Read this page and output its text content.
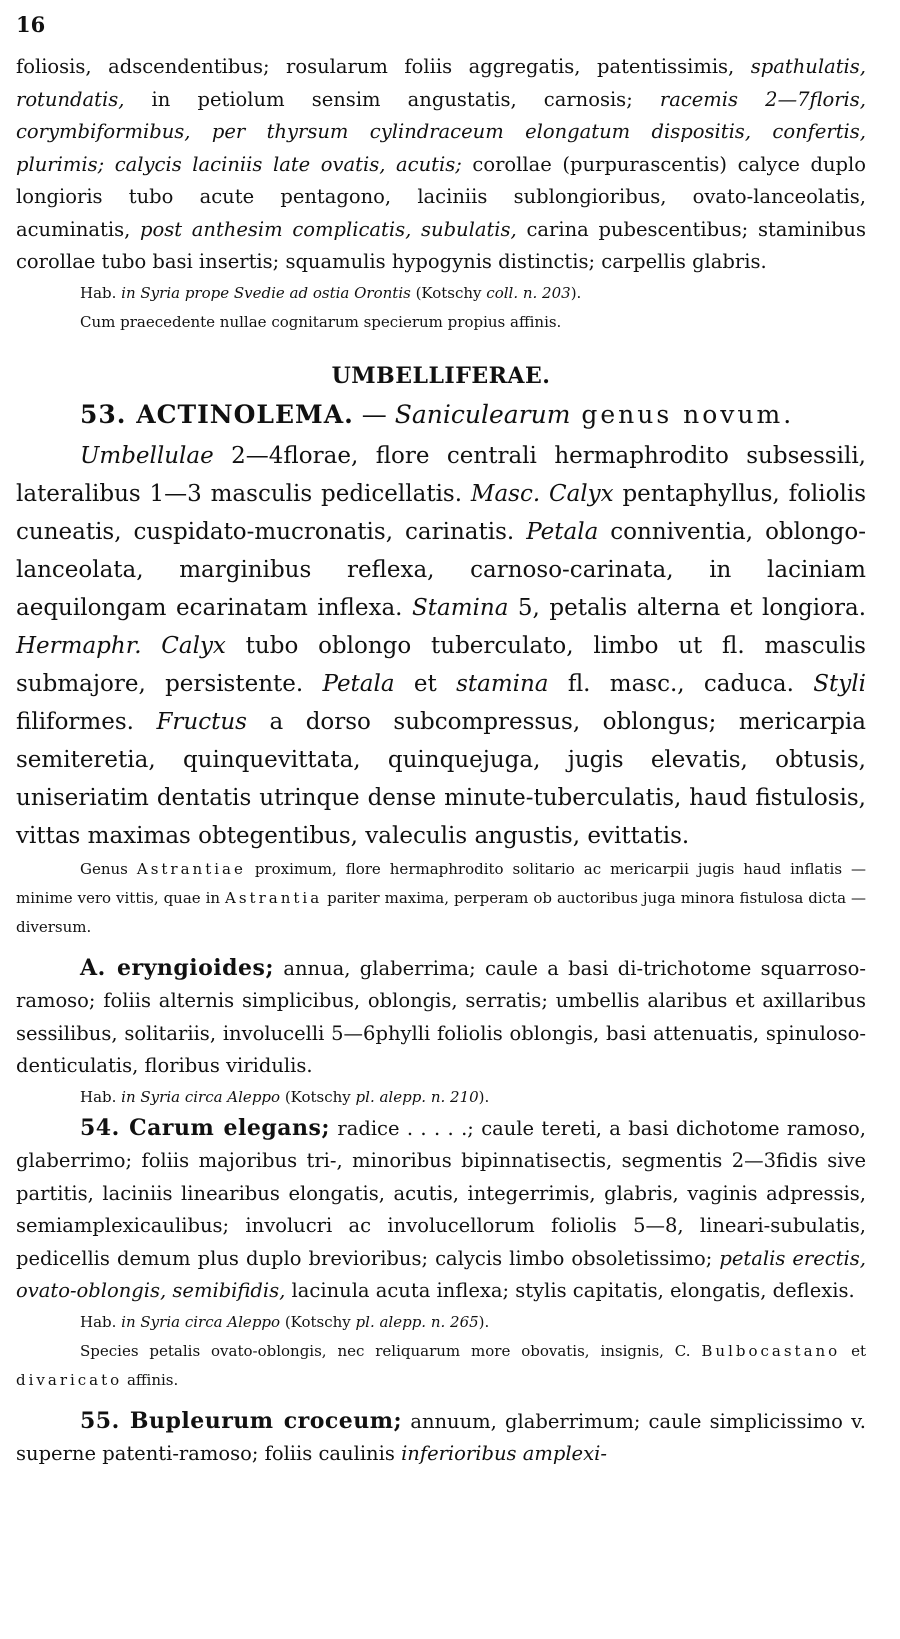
16

foliosis, adscendentibus; rosularum foliis aggregatis, patentissimis, spathulatis, rotundatis, in petiolum sensim angustatis, carnosis; racemis 2—7floris, corymbiformibus, per thyrsum cylindraceum elongatum dispositis, confertis, plurimis; calycis laciniis late ovatis, acutis; corollae (purpurascentis) calyce duplo longioris tubo acute pentagono, laciniis sublongioribus, ovato-lanceolatis, acuminatis, post anthesim complicatis, subulatis, carina pubescentibus; staminibus corollae tubo basi insertis; squamulis hypogynis distinctis; carpellis glabris.

Hab. in Syria prope Svedie ad ostia Orontis (Kotschy coll. n. 203).

Cum praecedente nullae cognitarum specierum propius affinis.

UMBELLIFERAE.
53. ACTINOLEMA. — Saniculearum genus novum.

Umbellulae 2—4florae, flore centrali hermaphrodito subsessili, lateralibus 1—3 masculis pedicellatis. Masc. Calyx pentaphyllus, foliolis cuneatis, cuspidato-mucronatis, carinatis. Petala conniventia, oblongo-lanceolata, marginibus reflexa, carnoso-carinata, in laciniam aequilongam ecarinatam inflexa. Stamina 5, petalis alterna et longiora. Hermaphr. Calyx tubo oblongo tuberculato, limbo ut fl. masculis submajore, persistente. Petala et stamina fl. masc., caduca. Styli filiformes. Fructus a dorso subcompressus, oblongus; mericarpia semiteretia, quinquevittata, quinquejuga, jugis elevatis, obtusis, uniseriatim dentatis utrinque dense minute-tuberculatis, haud fistulosis, vittas maximas obtegentibus, valeculis angustis, evittatis.

Genus Astrantiae proximum, flore hermaphrodito solitario ac mericarpii jugis haud inflatis — minime vero vittis, quae in Astrantia pariter maxima, perperam ob auctoribus juga minora fistulosa dicta — diversum.

A. eryngioides; annua, glaberrima; caule a basi di-trichotome squarroso-ramoso; foliis alternis simplicibus, oblongis, serratis; umbellis alaribus et axillaribus sessilibus, solitariis, involucelli 5—6phylli foliolis oblongis, basi attenuatis, spinuloso-denticulatis, floribus viridulis.

Hab. in Syria circa Aleppo (Kotschy pl. alepp. n. 210).

54. Carum elegans; radice . . . . .; caule tereti, a basi dichotome ramoso, glaberrimo; foliis majoribus tri-, minoribus bipinnatisectis, segmentis 2—3fidis sive partitis, laciniis linearibus elongatis, acutis, integerrimis, glabris, vaginis adpressis, semiamplexicaulibus; involucri ac involucellorum foliolis 5—8, lineari-subulatis, pedicellis demum plus duplo brevioribus; calycis limbo obsoletissimo; petalis erectis, ovato-oblongis, semibifidis, lacinula acuta inflexa; stylis capitatis, elongatis, deflexis.

Hab. in Syria circa Aleppo (Kotschy pl. alepp. n. 265).

Species petalis ovato-oblongis, nec reliquarum more obovatis, insignis, C. Bulbocastano et divaricato affinis.

55. Bupleurum croceum; annuum, glaberrimum; caule simplicissimo v. superne patenti-ramoso; foliis caulinis inferioribus amplexi-
